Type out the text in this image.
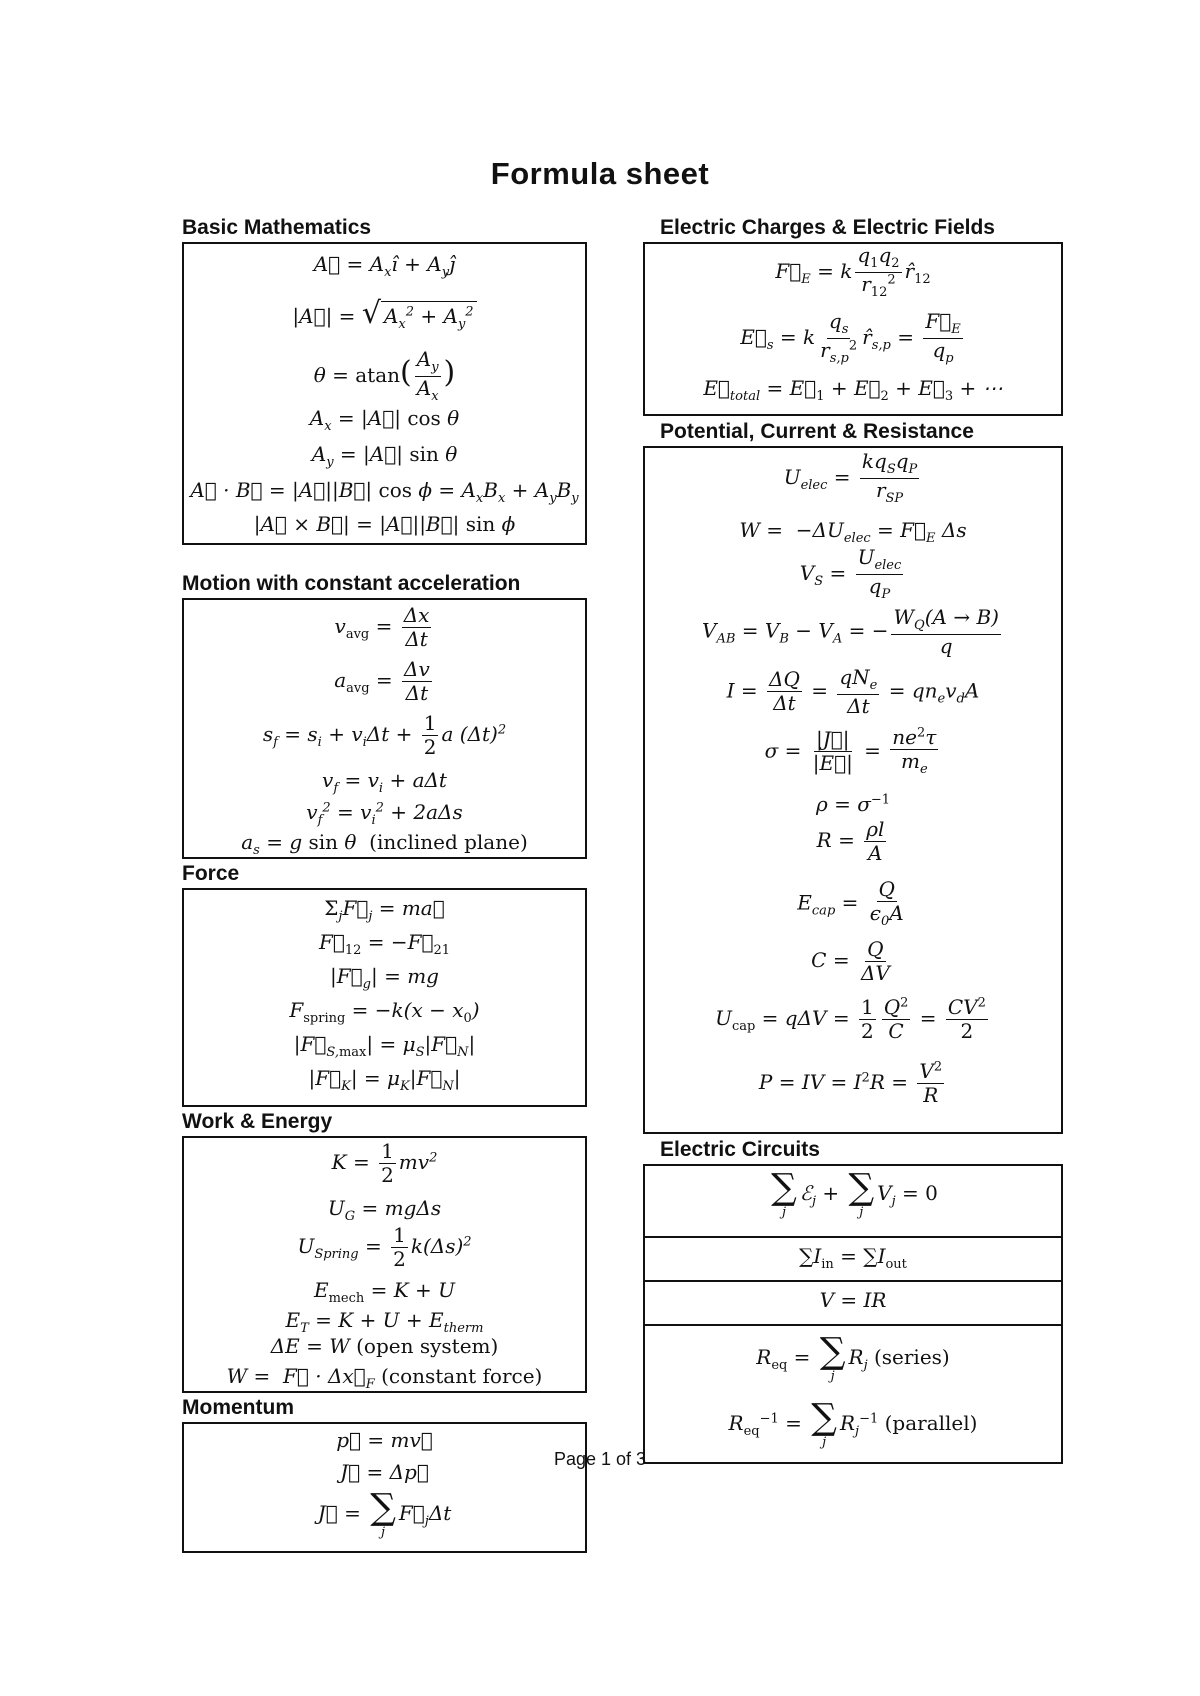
Formula sheet
Basic Mathematics
A⃗ = $A_xî$ + $A_yĵ$
|A⃗| = √ $A_x^2 + A_y^2$
$\theta = atan( \frac{A_y}{A_x}$ )
$A_x$ = |A⃗| cos θ
$A_y$ = |A⃗| sin θ
A⃗ · B⃗ = |A⃗||B⃗| $\cos \phi = A_xB_x + A_yB_y$
|A⃗ × B⃗| = |A⃗||B⃗| sin ϕ
Motion with constant acceleration
$v_{avg} = \frac{\Delta x}{\Delta t}$
$a_{avg} = \frac{\Delta v}{\Delta t}$
$s_f = s_i + v_i\Delta t + \frac{1}{2}$ a $(\Delta t)^2$
$v_f = v_i + a\Delta t$
$v_f^2 = v_i^2 + 2a\Delta s$
$a_s = g$ sin θ  (inclined plane)
Force
$\Sigma_jF⃗_j$ = ma⃗
$F⃗_{12}$ = $-F⃗_{21}$
$|F⃗_g|$ = mg
$F_{spring} = -k(x - x_0)$
$|F⃗_{S,max}|$ = $\mu_S|F⃗_N|$
$|F⃗_K|$ = $\mu_K|F⃗_N|$
Work & Energy
$K = \frac{1}{2} mv^2$
$U_G = mg\Delta s$
$U_{Spring} = \frac{1}{2} k(\Delta s)^2$
$E_{mech} = K + U$
$E_T = K + U + E_{therm}$
ΔE = W (open system)
W =  F⃗ · $\Delta x⃗_F$ (constant force)
Momentum
p⃗ = mv⃗
J⃗ = Δp⃗
J⃗ = ∑
j
$F⃗_j\Delta t$
Electric Charges & Electric Fields
$F⃗_E = k \frac{q_1q_2}{r_{12}^2}$ $r̂_{12}$
$E⃗_s = k \frac{q_s}{r_{s,p}^2}$ $r̂_{s,p} = \frac{F⃗_E}{q_p}$
$E⃗_{total}$ = $E⃗_1$ + $E⃗_2$ + $E⃗_3$ + ⋯
Potential, Current & Resistance
$U_{elec} = \frac{kq_Sq_P}{r_{SP}}$
$W = -\Delta U_{elec}$ = $F⃗_E$ Δs
$V_S = \frac{U_{elec}}{q_P}$
$V_{AB} = V_B - V_A$ = − $\frac{W_Q(A \to B)}{q}$
$I = \frac{\Delta Q}{\Delta t} = \frac{qN_e}{\Delta t} = qn_ev_dA$
$\sigma = \frac{|J⃗|}{|E⃗|} = \frac{ne^2\tau}{m_e}$
$\rho = \sigma^{-1}$
$R = \frac{\rho l}{A}$
$E_{cap} = \frac{Q}{\epsilon_0A}$
$C = \frac{Q}{\Delta V}$
$U_{cap} = q\Delta V = \frac{1}{2} \frac{Q^2}{C} = \frac{CV^2}{2}$
P = IV = $I^2R = \frac{V^2}{R}$
Electric Circuits
∑
j
ℰ$_j$ + ∑
j
$V_j = 0$
$\sum I_{in} = \sum I_{out}$
V = IR
$R_{eq}$ = ∑
j
$R_j$ (series)
$R_{eq}^{-1}$ = ∑
j
$R_j^{-1}$ (parallel)
Page 1 of 3
